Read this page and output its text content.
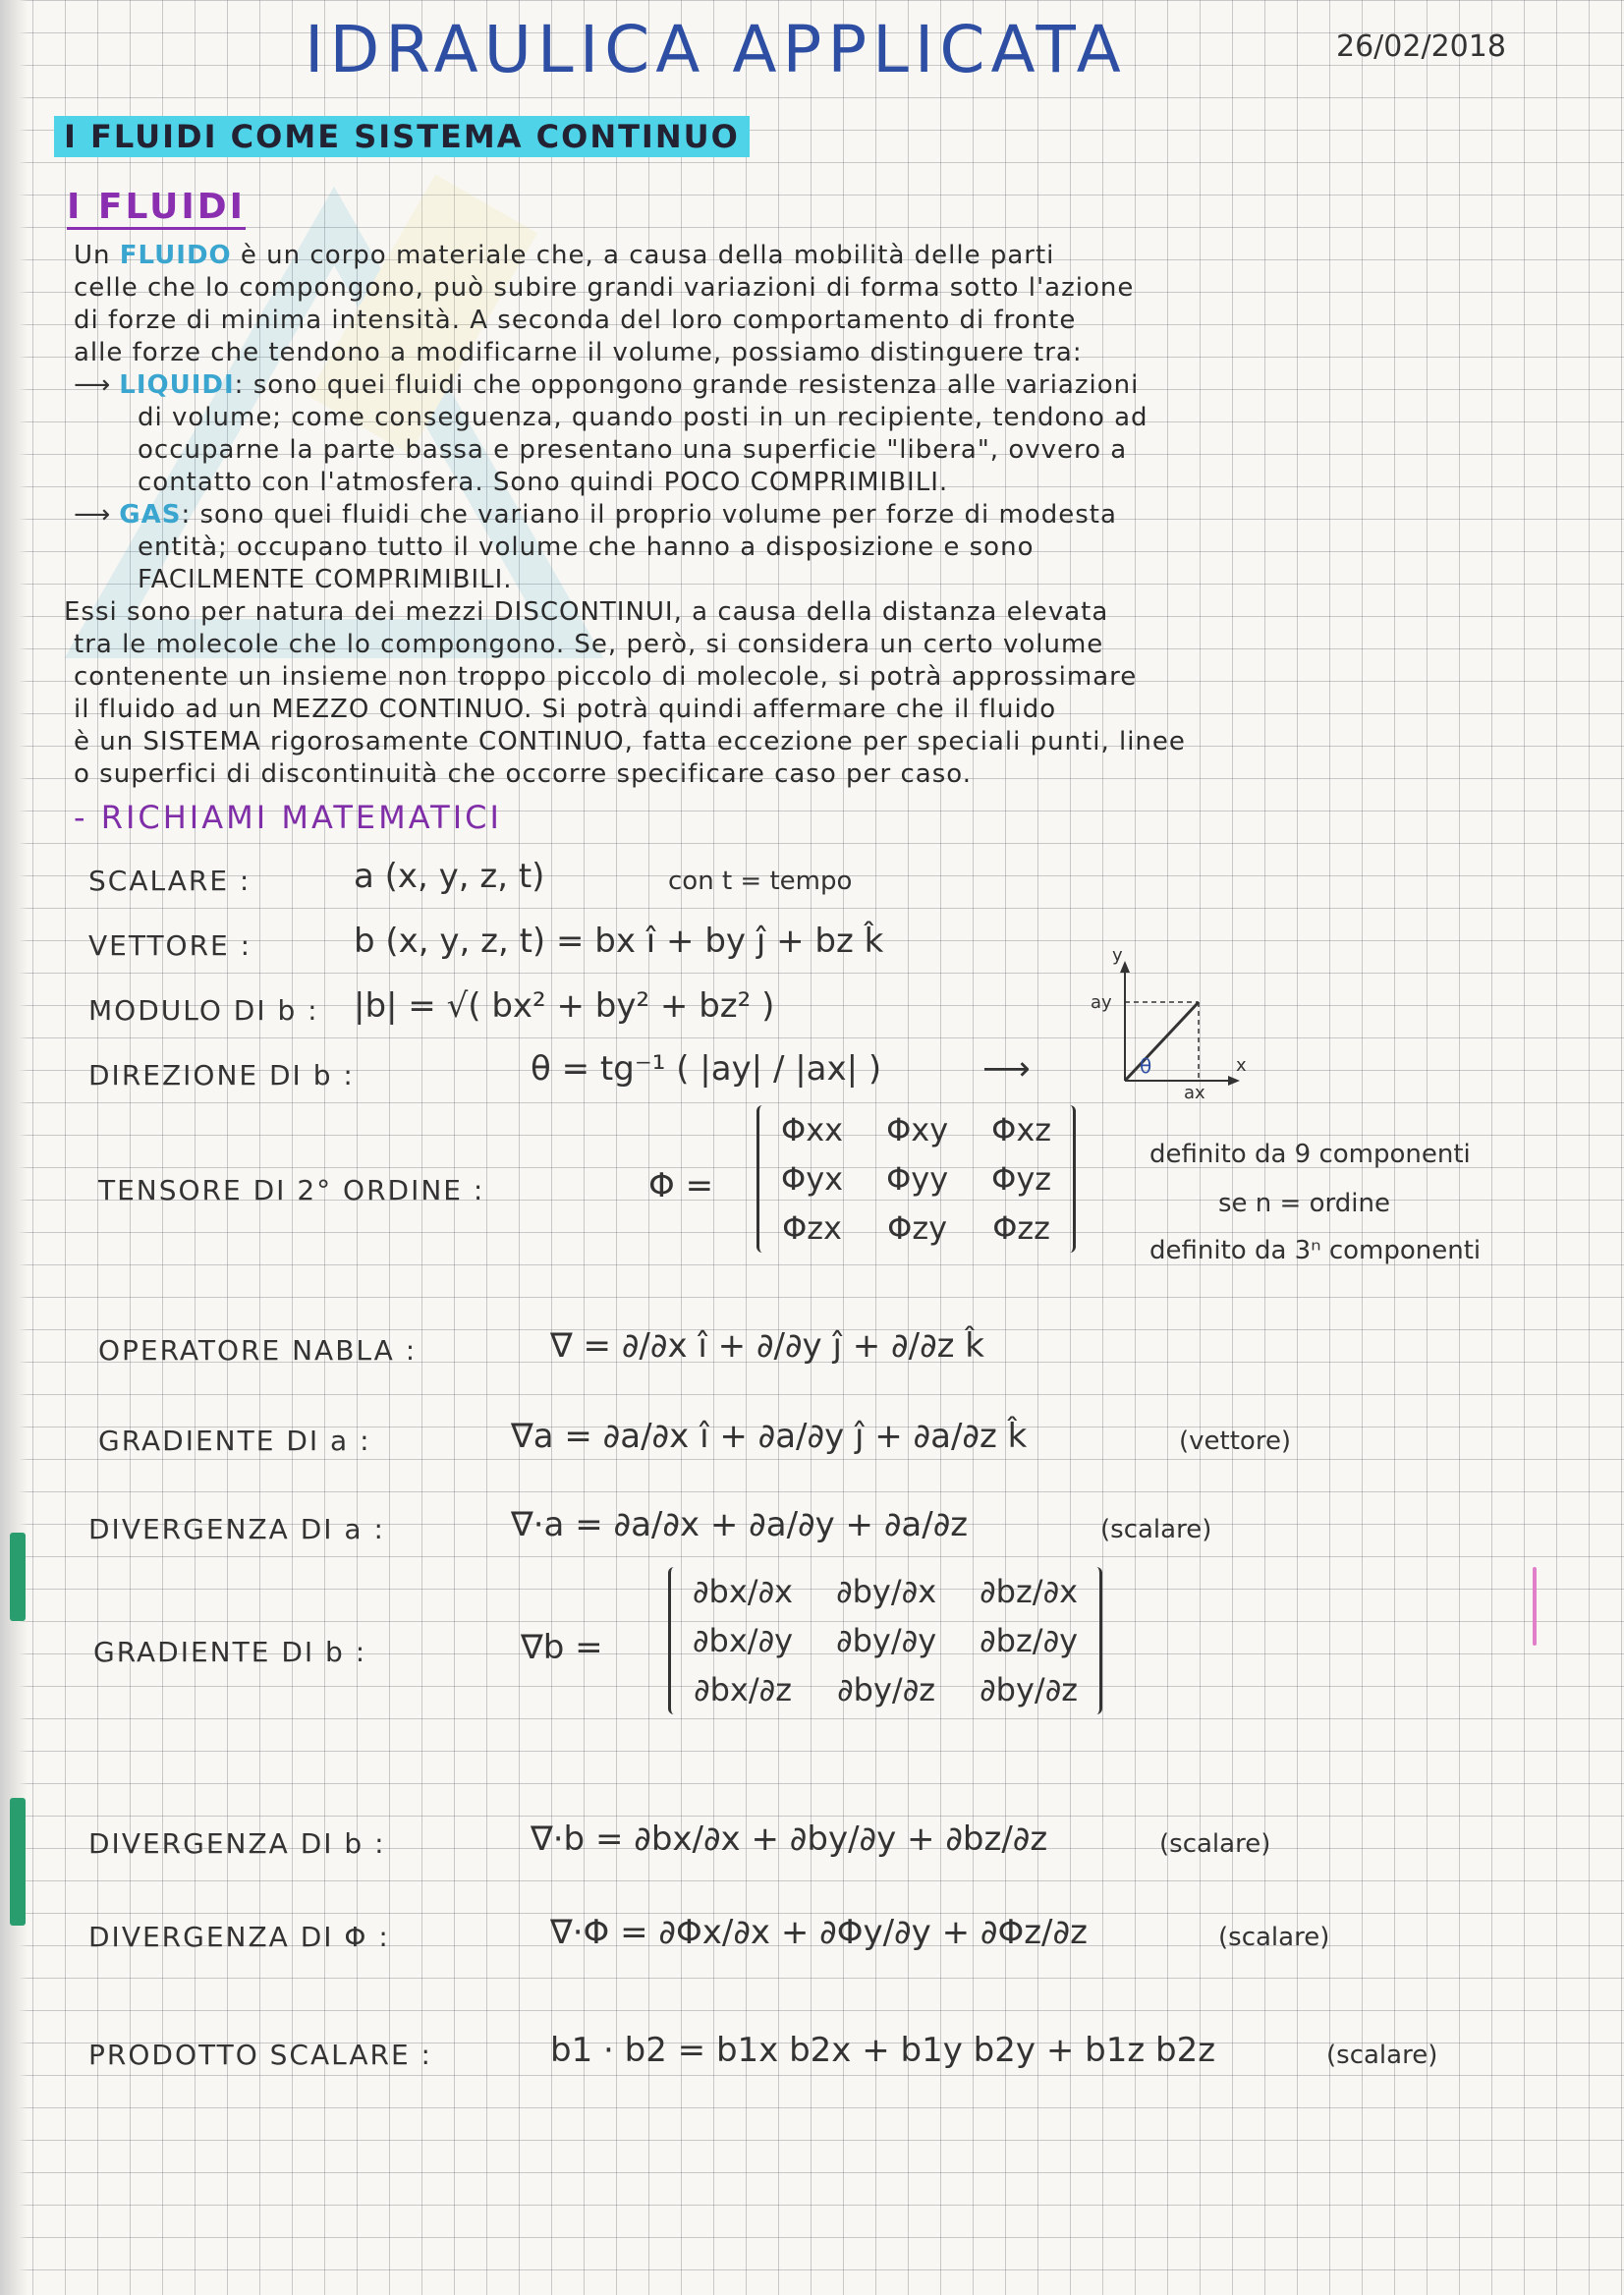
IDRAULICA APPLICATA	26/02/2018
I FLUIDI COME SISTEMA CONTINUO
I FLUIDI
Un FLUIDO è un corpo materiale che, a causa della mobilità delle parti
celle che lo compongono, può subire grandi variazioni di forma sotto l'azione
di forze di minima intensità. A seconda del loro comportamento di fronte
alle forze che tendono a modificarne il volume, possiamo distinguere tra:
⟶ LIQUIDI: sono quei fluidi che oppongono grande resistenza alle variazioni
di volume; come conseguenza, quando posti in un recipiente, tendono ad
occuparne la parte bassa e presentano una superficie "libera", ovvero a
contatto con l'atmosfera. Sono quindi POCO COMPRIMIBILI.
⟶ GAS: sono quei fluidi che variano il proprio volume per forze di modesta
entità; occupano tutto il volume che hanno a disposizione e sono
FACILMENTE COMPRIMIBILI.
Essi sono per natura dei mezzi DISCONTINUI, a causa della distanza elevata
tra le molecole che lo compongono. Se, però, si considera un certo volume
contenente un insieme non troppo piccolo di molecole, si potrà approssimare
il fluido ad un MEZZO CONTINUO. Si potrà quindi affermare che il fluido
è un SISTEMA rigorosamente CONTINUO, fatta eccezione per speciali punti, linee
o superfici di discontinuità che occorre specificare caso per caso.
- RICHIAMI MATEMATICI
SCALARE :	a (x, y, z, t)	con t = tempo
VETTORE :	b (x, y, z, t) = bx î + by ĵ + bz k̂
MODULO DI b : |b| = √( bx² + by² + bz² )
DIREZIONE DI b :	θ = tg⁻¹ ( |ay| / |ax| )	⟶
y
x
ay
ax
θ
TENSORE DI 2° ORDINE :	Φ =
Φxx	Φxy	Φxz
Φyx	Φyy	Φyz
Φzx	Φzy	Φzz
definito da 9 componenti
se n = ordine
definito da 3ⁿ componenti
OPERATORE NABLA :	∇ = ∂/∂x î + ∂/∂y ĵ + ∂/∂z k̂
GRADIENTE DI a :	∇a = ∂a/∂x î + ∂a/∂y ĵ + ∂a/∂z k̂	(vettore)
DIVERGENZA DI a :	∇·a = ∂a/∂x + ∂a/∂y + ∂a/∂z	(scalare)
GRADIENTE DI b :	∇b =
∂bx/∂x	∂by/∂x	∂bz/∂x
∂bx/∂y	∂by/∂y	∂bz/∂y
∂bx/∂z	∂by/∂z	∂by/∂z
DIVERGENZA DI b :	∇·b = ∂bx/∂x + ∂by/∂y + ∂bz/∂z	(scalare)
DIVERGENZA DI Φ :	∇·Φ = ∂Φx/∂x + ∂Φy/∂y + ∂Φz/∂z	(scalare)
PRODOTTO SCALARE :	b1 · b2 = b1x b2x + b1y b2y + b1z b2z	(scalare)
